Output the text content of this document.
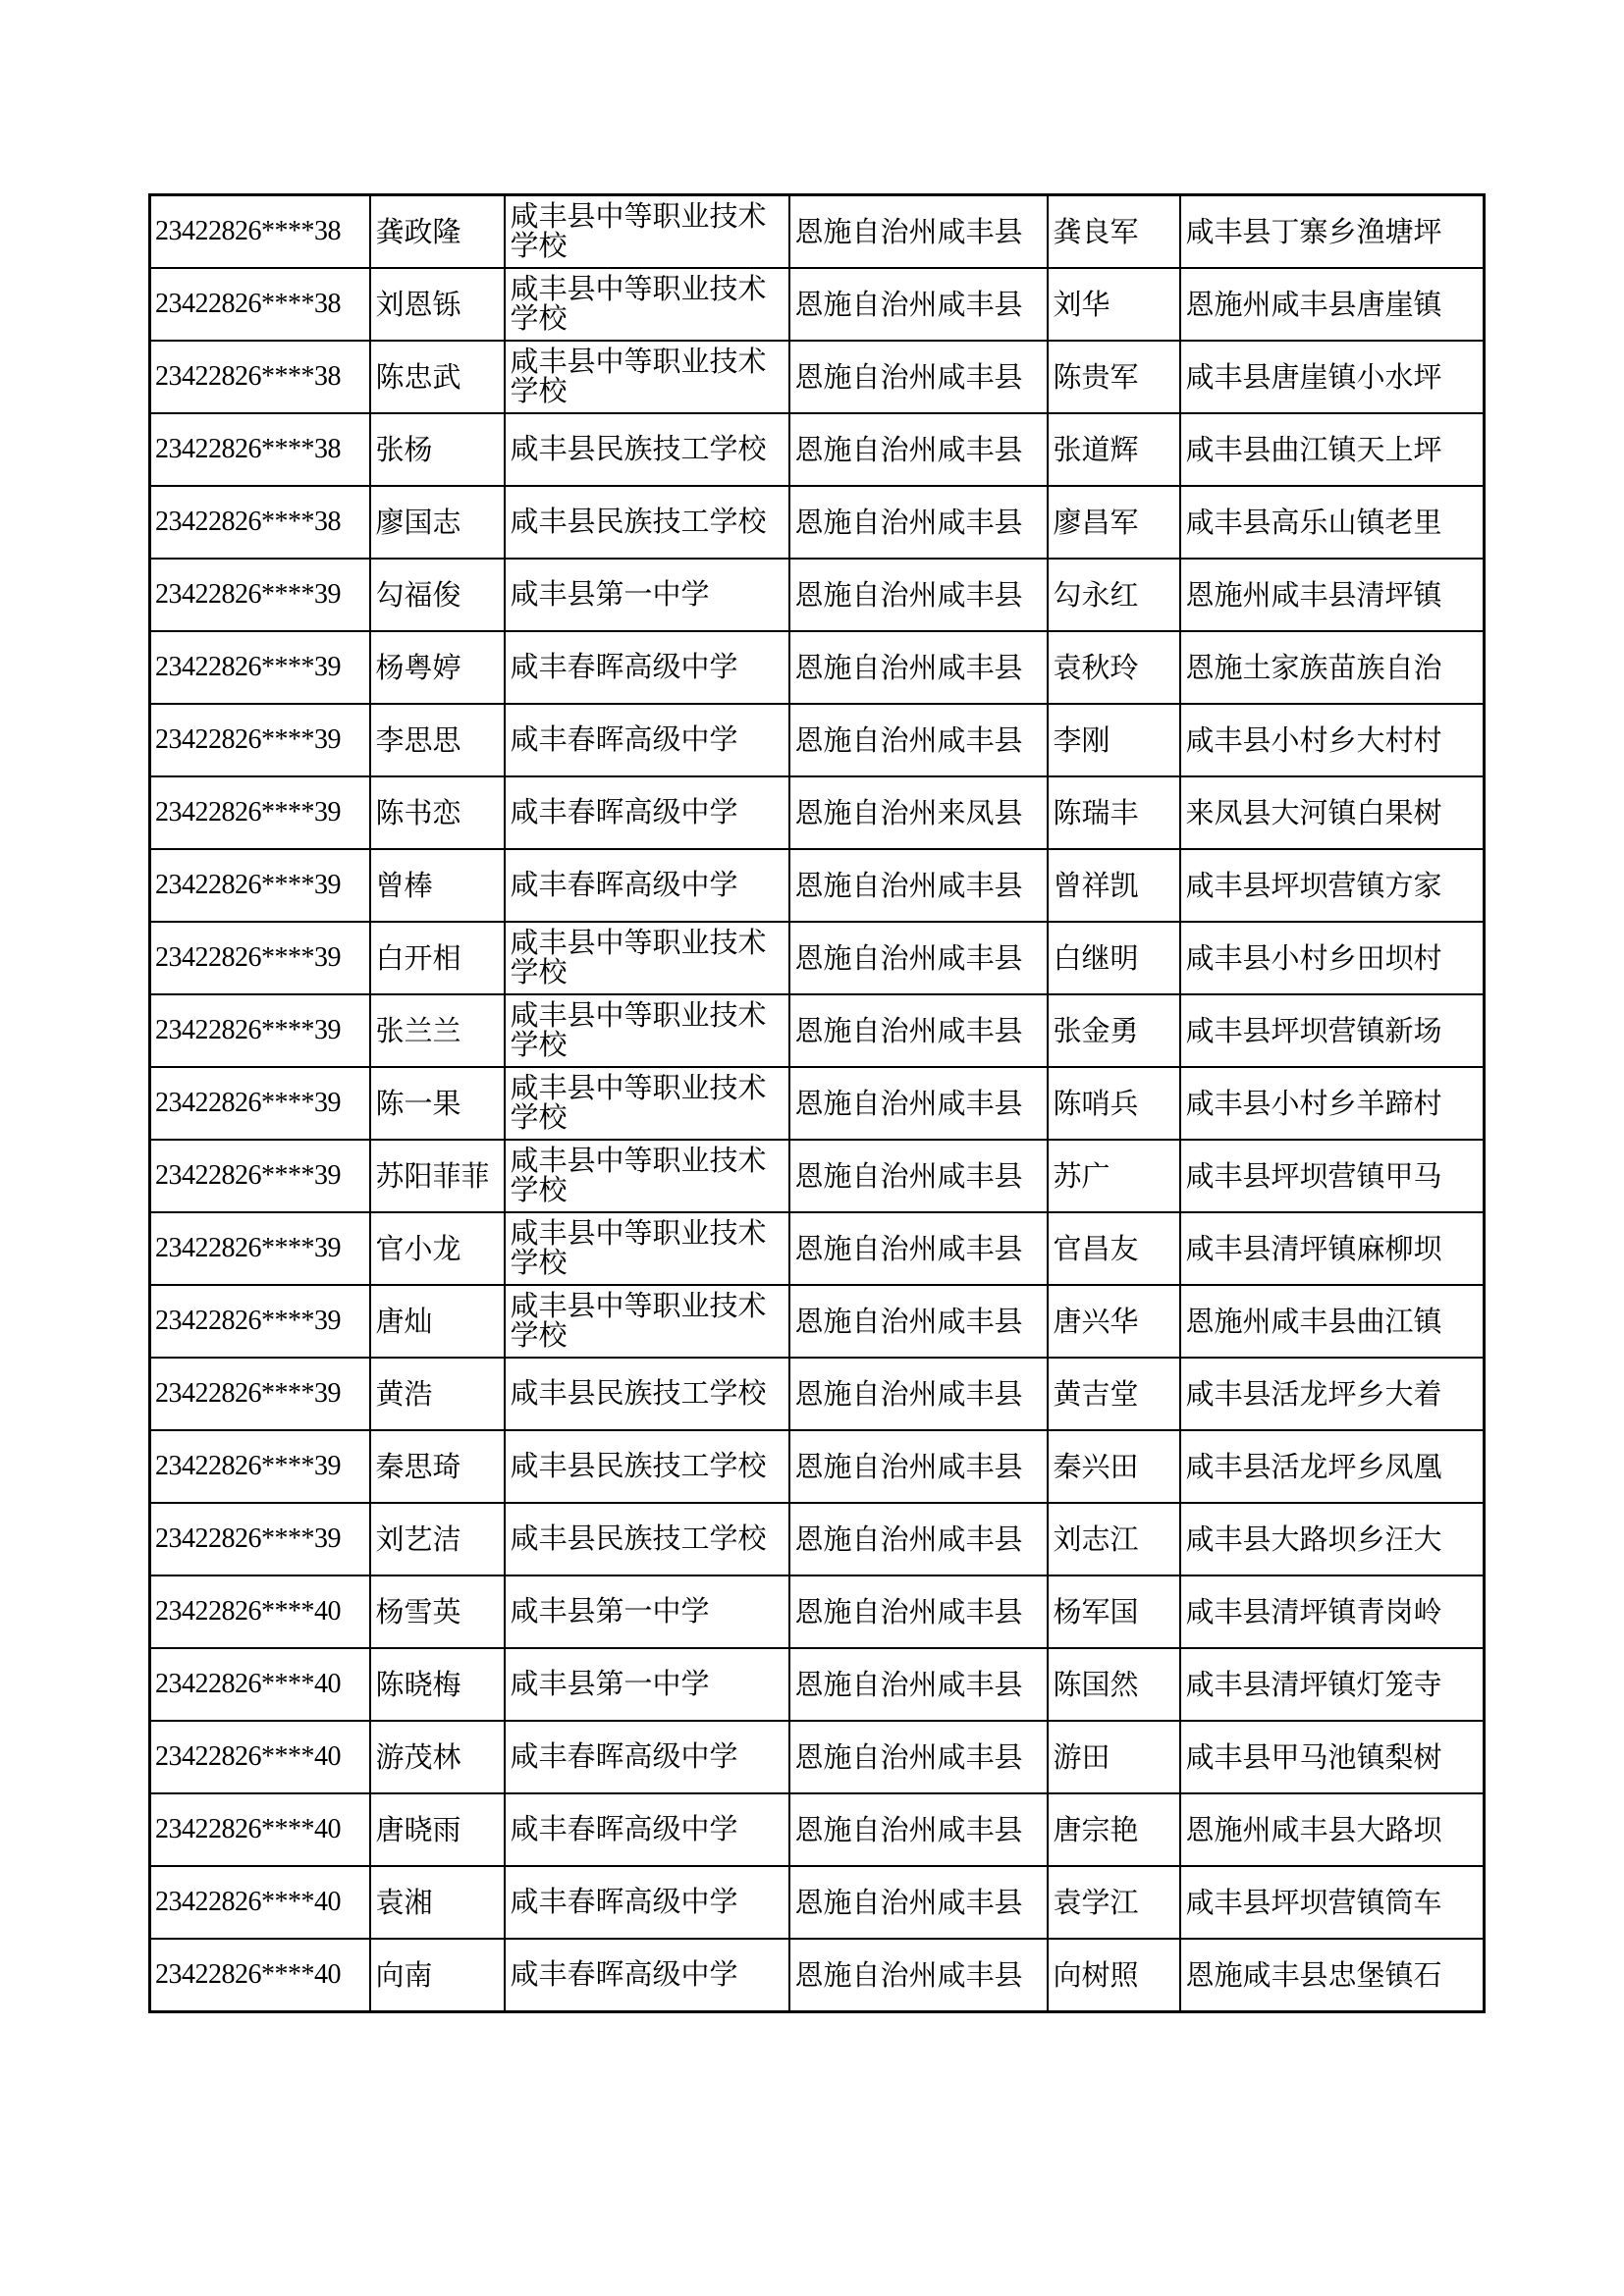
23422826****38	龚政隆	咸丰县中等职业技术学校	恩施自治州咸丰县	龚良军	咸丰县丁寨乡渔塘坪
23422826****38	刘恩铄	咸丰县中等职业技术学校	恩施自治州咸丰县	刘华	恩施州咸丰县唐崖镇
23422826****38	陈忠武	咸丰县中等职业技术学校	恩施自治州咸丰县	陈贵军	咸丰县唐崖镇小水坪
23422826****38	张杨	咸丰县民族技工学校	恩施自治州咸丰县	张道辉	咸丰县曲江镇天上坪
23422826****38	廖国志	咸丰县民族技工学校	恩施自治州咸丰县	廖昌军	咸丰县高乐山镇老里
23422826****39	勾福俊	咸丰县第一中学	恩施自治州咸丰县	勾永红	恩施州咸丰县清坪镇
23422826****39	杨粤婷	咸丰春晖高级中学	恩施自治州咸丰县	袁秋玲	恩施土家族苗族自治
23422826****39	李思思	咸丰春晖高级中学	恩施自治州咸丰县	李刚	咸丰县小村乡大村村
23422826****39	陈书恋	咸丰春晖高级中学	恩施自治州来凤县	陈瑞丰	来凤县大河镇白果树
23422826****39	曾棒	咸丰春晖高级中学	恩施自治州咸丰县	曾祥凯	咸丰县坪坝营镇方家
23422826****39	白开相	咸丰县中等职业技术学校	恩施自治州咸丰县	白继明	咸丰县小村乡田坝村
23422826****39	张兰兰	咸丰县中等职业技术学校	恩施自治州咸丰县	张金勇	咸丰县坪坝营镇新场
23422826****39	陈一果	咸丰县中等职业技术学校	恩施自治州咸丰县	陈哨兵	咸丰县小村乡羊蹄村
23422826****39	苏阳菲菲	咸丰县中等职业技术学校	恩施自治州咸丰县	苏广	咸丰县坪坝营镇甲马
23422826****39	官小龙	咸丰县中等职业技术学校	恩施自治州咸丰县	官昌友	咸丰县清坪镇麻柳坝
23422826****39	唐灿	咸丰县中等职业技术学校	恩施自治州咸丰县	唐兴华	恩施州咸丰县曲江镇
23422826****39	黄浩	咸丰县民族技工学校	恩施自治州咸丰县	黄吉堂	咸丰县活龙坪乡大着
23422826****39	秦思琦	咸丰县民族技工学校	恩施自治州咸丰县	秦兴田	咸丰县活龙坪乡凤凰
23422826****39	刘艺洁	咸丰县民族技工学校	恩施自治州咸丰县	刘志江	咸丰县大路坝乡汪大
23422826****40	杨雪英	咸丰县第一中学	恩施自治州咸丰县	杨军国	咸丰县清坪镇青岗岭
23422826****40	陈晓梅	咸丰县第一中学	恩施自治州咸丰县	陈国然	咸丰县清坪镇灯笼寺
23422826****40	游茂林	咸丰春晖高级中学	恩施自治州咸丰县	游田	咸丰县甲马池镇梨树
23422826****40	唐晓雨	咸丰春晖高级中学	恩施自治州咸丰县	唐宗艳	恩施州咸丰县大路坝
23422826****40	袁湘	咸丰春晖高级中学	恩施自治州咸丰县	袁学江	咸丰县坪坝营镇筒车
23422826****40	向南	咸丰春晖高级中学	恩施自治州咸丰县	向树照	恩施咸丰县忠堡镇石
